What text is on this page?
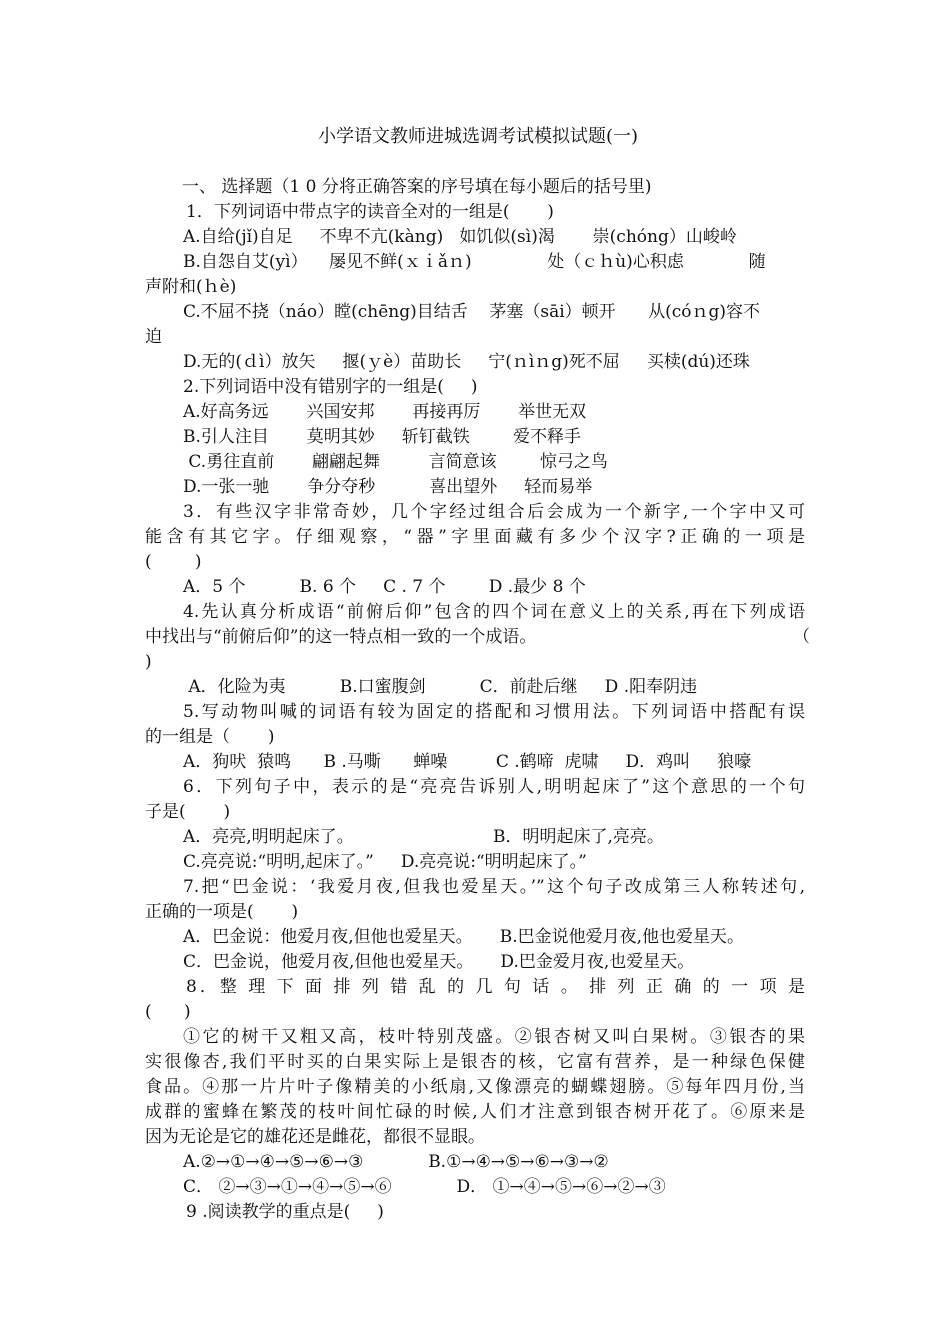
小学语文教师进城选调考试模拟试题(一)
一、 选择题（1 0 分将正确答案的序号填在每小题后的括号里)
1．下列词语中带点字的读音全对的一组是(       )
A.自给(jǐ)自足     不卑不亢(kàng)   如饥似(sì)渴       崇(chóng）山峻岭
B.自怨自艾(yì）    屡见不鲜(ｘｉǎｎ)              处（ｃｈù)心积虑            随
声附和(ｈè)
C.不屈不挠（náo）瞠(chēng)目结舌    茅塞（sāi）顿开      从(cóｎg)容不
迫
D.无的(ｄì）放矢     揠(ｙè）苗助长     宁(ｎìｎg)死不屈     买椟(dú)还珠
2.下列词语中没有错别字的一组是(     )
A.好高务远       兴国安邦       再接再厉       举世无双
B.引人注目       莫明其妙     斩钉截铁        爱不释手
C.勇往直前       翩翩起舞         言简意该        惊弓之鸟
D.一张一驰       争分夺秒          喜出望外     轻而易举
3．有些汉字非常奇妙，几个字经过组合后会成为一个新字,一个字中又可
能含有其它字。仔细观察，“器”字里面藏有多少个汉字?正确的一项是
(        )
A．5 个          B. 6 个     C . 7 个        D .最少 8 个
4.先认真分析成语“前俯后仰”包含的四个词在意义上的关系,再在下列成语
中找出与“前俯后仰”的这一特点相一致的一个成语。	（
)
A．化险为夷          B.口蜜腹剑          C．前赴后继     D .阳奉阴违
5.写动物叫喊的词语有较为固定的搭配和习惯用法。下列词语中搭配有误
的一组是（       )
A．狗吠  猿鸣      B .马嘶      蝉噪         C .鹤啼  虎啸     D．鸡叫     狼嚎
6．下列句子中，表示的是“亮亮告诉别人,明明起床了”这个意思的一个句
子是(       )
A．亮亮,明明起床了。	B．明明起床了,亮亮。
C.亮亮说:“明明,起床了。”     D.亮亮说:“明明起床了。”
7.把“巴金说：‘我爱月夜,但我也爱星天。’”这个句子改成第三人称转述句,
正确的一项是(       )
A．巴金说：他爱月夜,但他也爱星天。     B.巴金说他爱月夜,他也爱星天。
C．巴金说，他爱月夜,但他也爱星天。     D.巴金爱月夜,也爱星天。
8．整 理 下 面 排 列 错 乱 的 几 句 话 。 排 列 正 确 的 一 项 是
(      )
①它的树干又粗又高，枝叶特别茂盛。②银杏树又叫白果树。③银杏的果
实很像杏,我们平时买的白果实际上是银杏的核，它富有营养，是一种绿色保健
食品。④那一片片叶子像精美的小纸扇,又像漂亮的蝴蝶翅膀。⑤每年四月份,当
成群的蜜蜂在繁茂的枝叶间忙碌的时候,人们才注意到银杏树开花了。⑥原来是
因为无论是它的雄花还是雌花，都很不显眼。
A.②→①→④→⑤→⑥→③            B.①→④→⑤→⑥→③→②
C． ②→③→①→④→⑤→⑥            D． ①→④→⑤→⑥→②→③
9 .阅读教学的重点是(     )
